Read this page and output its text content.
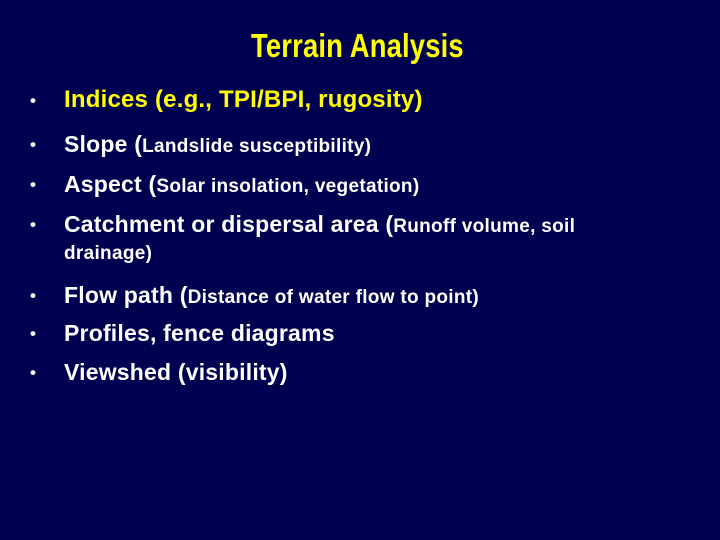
Terrain Analysis
• Indices (e.g., TPI/BPI, rugosity)
• Slope (Landslide susceptibility)
• Aspect (Solar insolation, vegetation)
• Catchment or dispersal area (Runoff volume, soil
drainage)
• Flow path (Distance of water flow to point)
• Profiles, fence diagrams
• Viewshed (visibility)
